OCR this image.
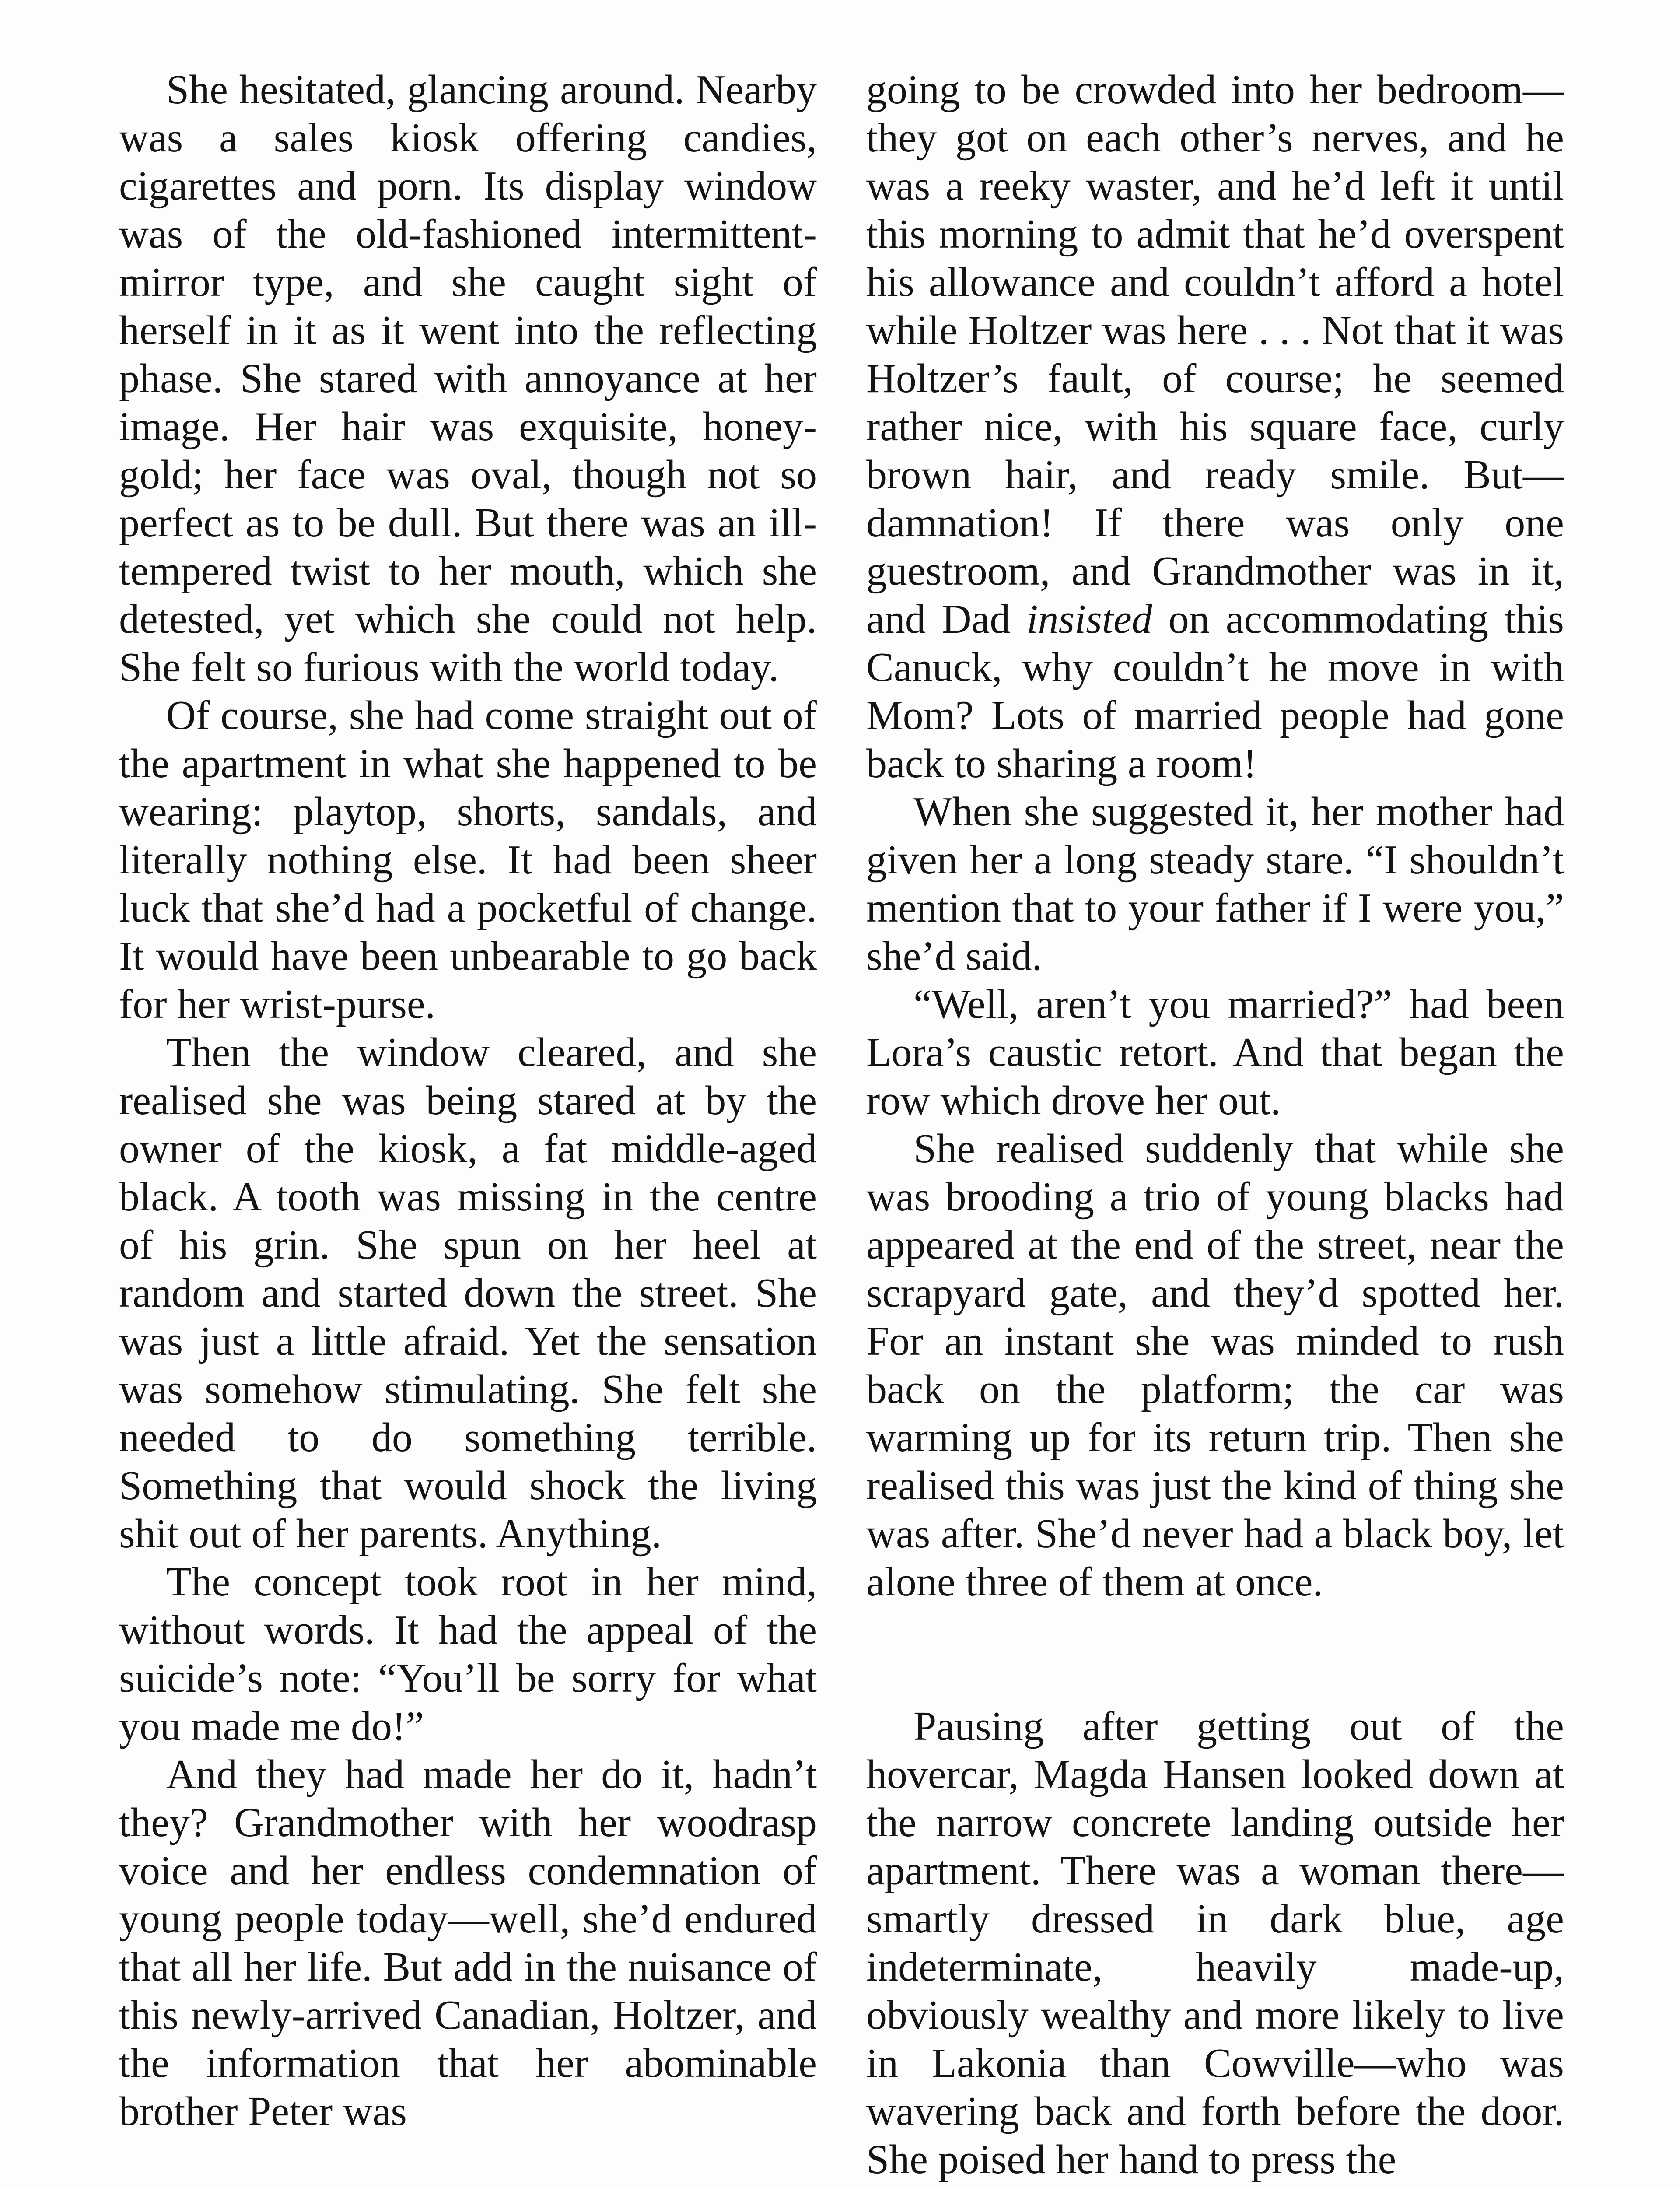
She hesitated, glancing around. Nearby was a sales kiosk offering candies, cigarettes and porn. Its display window was of the old-fashioned intermittent-mirror type, and she caught sight of herself in it as it went into the reflecting phase. She stared with annoyance at her image. Her hair was exquisite, honey-gold; her face was oval, though not so perfect as to be dull. But there was an ill-tempered twist to her mouth, which she detested, yet which she could not help. She felt so furious with the world today.

Of course, she had come straight out of the apartment in what she happened to be wearing: playtop, shorts, sandals, and literally nothing else. It had been sheer luck that she’d had a pocketful of change. It would have been unbearable to go back for her wrist-purse.

Then the window cleared, and she realised she was being stared at by the owner of the kiosk, a fat middle-aged black. A tooth was missing in the centre of his grin. She spun on her heel at random and started down the street. She was just a little afraid. Yet the sensation was somehow stimulating. She felt she needed to do something terrible. Something that would shock the living shit out of her parents. Anything.

The concept took root in her mind, without words. It had the appeal of the suicide’s note: “You’ll be sorry for what you made me do!”

And they had made her do it, hadn’t they? Grandmother with her woodrasp voice and her endless condemnation of young people today—well, she’d endured that all her life. But add in the nuisance of this newly-arrived Canadian, Holtzer, and the information that her abominable brother Peter was

going to be crowded into her bedroom—they got on each other’s nerves, and he was a reeky waster, and he’d left it until this morning to admit that he’d overspent his allowance and couldn’t afford a hotel while Holtzer was here . . . Not that it was Holtzer’s fault, of course; he seemed rather nice, with his square face, curly brown hair, and ready smile. But—damnation! If there was only one guestroom, and Grandmother was in it, and Dad insisted on accommodating this Canuck, why couldn’t he move in with Mom? Lots of married people had gone back to sharing a room!

When she suggested it, her mother had given her a long steady stare. “I shouldn’t mention that to your father if I were you,” she’d said.

“Well, aren’t you married?” had been Lora’s caustic retort. And that began the row which drove her out.

She realised suddenly that while she was brooding a trio of young blacks had appeared at the end of the street, near the scrapyard gate, and they’d spotted her. For an instant she was minded to rush back on the platform; the car was warming up for its return trip. Then she realised this was just the kind of thing she was after. She’d never had a black boy, let alone three of them at once.

Pausing after getting out of the hovercar, Magda Hansen looked down at the narrow concrete landing outside her apartment. There was a woman there—smartly dressed in dark blue, age indeterminate, heavily made-up, obviously wealthy and more likely to live in Lakonia than Cowville—who was wavering back and forth before the door. She poised her hand to press the
